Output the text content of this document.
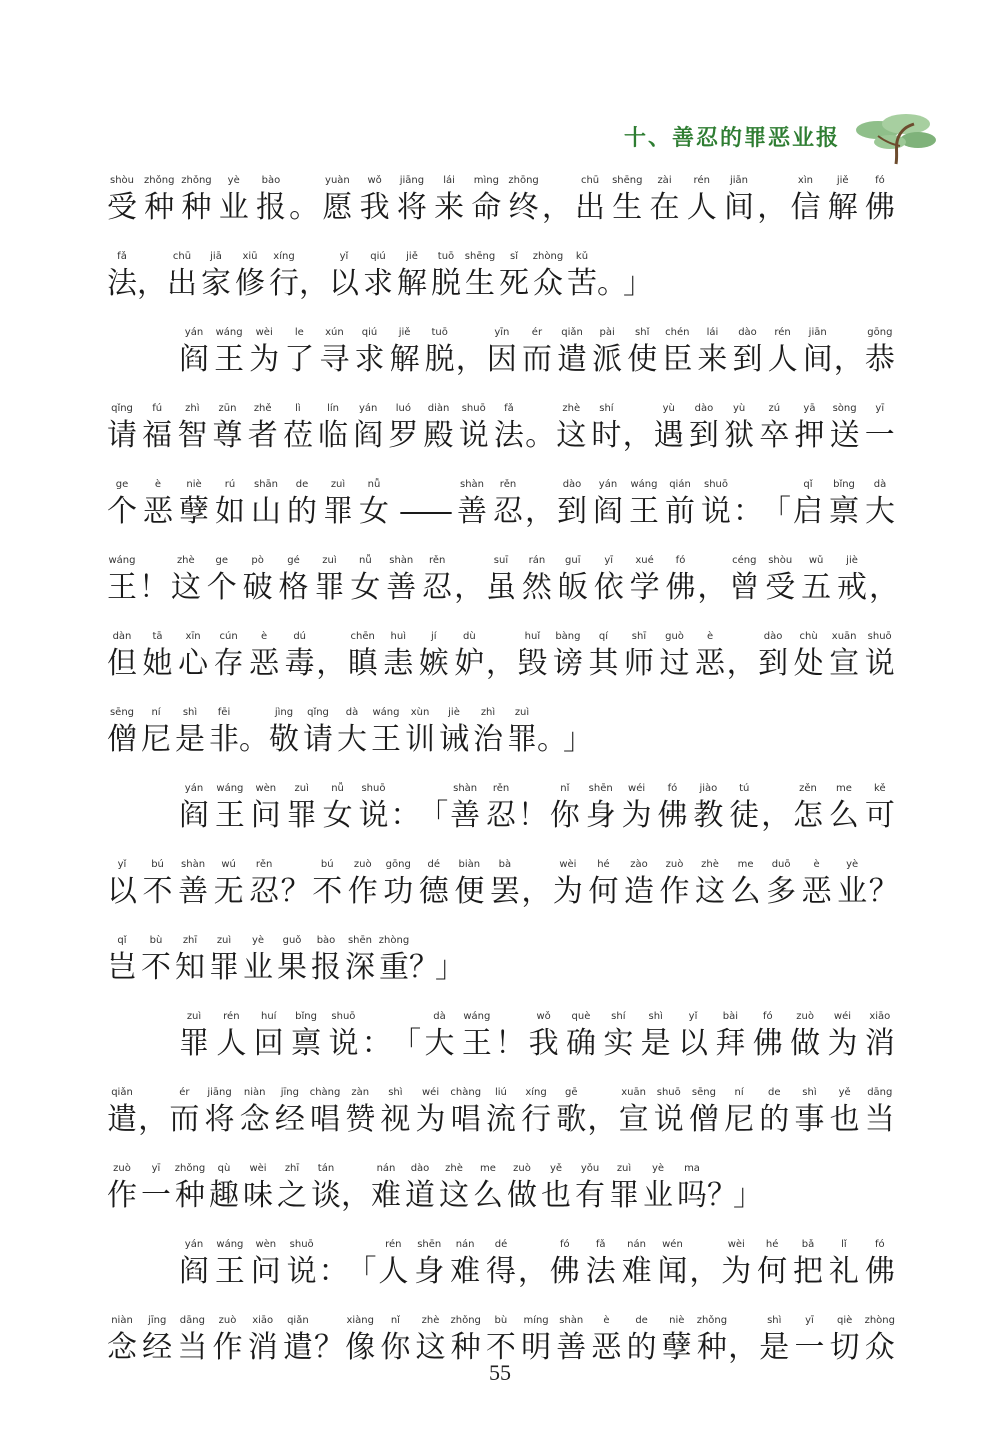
十、善忍的罪恶业报
shòu
受
zhǒng
种
zhǒng
种
yè
业
bào
报 。
yuàn
愿
wǒ
我
jiāng
将
lái
来
mìng
命
zhōng
终 ，
chū
出
shēng
生
zài
在
rén
人
jiān
间 ，
xìn
信
jiě
解
fó
佛
fǎ
法 ，
chū
出
jiā
家
xiū
修
xíng
行 ，
yǐ
以
qiú
求
jiě
解
tuō
脱
shēng
生
sǐ
死
zhòng
众
kǔ
苦 。
」
yán
阎
wáng
王
wèi
为
le
了
xún
寻
qiú
求
jiě
解
tuō
脱 ，
yīn
因
ér
而
qiǎn
遣
pài
派
shǐ
使
chén
臣
lái
来
dào
到
rén
人
jiān
间 ，
gōng
恭
qǐng
请
fú
福
zhì
智
zūn
尊
zhě
者
lì
莅
lín
临
yán
阎
luó
罗
diàn
殿
shuō
说
fǎ
法 。
zhè
这
shí
时 ，
yù
遇
dào
到
yù
狱
zú
卒
yā
押
sòng
送
yī
一
ge
个
è
恶
niè
孽
rú
如
shān
山
de
的
zuì
罪
nǚ
女 ——
shàn
善
rěn
忍 ，
dào
到
yán
阎
wáng
王
qián
前
shuō
说 ：
「
qǐ
启
bǐng
禀
dà
大
wáng
王 ！
zhè
这
ge
个
pò
破
gé
格
zuì
罪
nǚ
女
shàn
善
rěn
忍 ，
suī
虽
rán
然
guī
皈
yī
依
xué
学
fó
佛 ，
céng
曾
shòu
受
wǔ
五
jiè
戒 ，
dàn
但
tā
她
xīn
心
cún
存
è
恶
dú
毒 ，
chēn
瞋
huì
恚
jí
嫉
dù
妒 ，
huǐ
毁
bàng
谤
qí
其
shī
师
guò
过
è
恶 ，
dào
到
chù
处
xuān
宣
shuō
说
sēng
僧
ní
尼
shì
是
fēi
非 。
jìng
敬
qǐng
请
dà
大
wáng
王
xùn
训
jiè
诫
zhì
治
zuì
罪 。
」
yán
阎
wáng
王
wèn
问
zuì
罪
nǚ
女
shuō
说 ：
「
shàn
善
rěn
忍 ！
nǐ
你
shēn
身
wéi
为
fó
佛
jiào
教
tú
徒 ，
zěn
怎
me
么
kě
可
yǐ
以
bú
不
shàn
善
wú
无
rěn
忍 ？
bú
不
zuò
作
gōng
功
dé
德
biàn
便
bà
罢 ，
wèi
为
hé
何
zào
造
zuò
作
zhè
这
me
么
duō
多
è
恶
yè
业 ？
qǐ
岂
bù
不
zhī
知
zuì
罪
yè
业
guǒ
果
bào
报
shēn
深
zhòng
重 ？
」
zuì
罪
rén
人
huí
回
bǐng
禀
shuō
说 ： 「
dà
大
wáng
王 ！
wǒ
我
què
确
shí
实
shì
是
yǐ
以
bài
拜
fó
佛
zuò
做
wéi
为
xiāo
消
qiǎn
遣 ，
ér
而
jiāng
将
niàn
念
jīng
经
chàng
唱
zàn
赞
shì
视
wéi
为
chàng
唱
liú
流
xíng
行
gē
歌 ，
xuān
宣
shuō
说
sēng
僧
ní
尼
de
的
shì
事
yě
也
dāng
当
zuò
作
yī
一
zhǒng
种
qù
趣
wèi
味
zhī
之
tán
谈 ，
nán
难
dào
道
zhè
这
me
么
zuò
做
yě
也
yǒu
有
zuì
罪
yè
业
ma
吗 ？
」
yán
阎
wáng
王
wèn
问
shuō
说 ：
「
rén
人
shēn
身
nán
难
dé
得 ，
fó
佛
fǎ
法
nán
难
wén
闻 ，
wèi
为
hé
何
bǎ
把
lǐ
礼
fó
佛
niàn
念
jīng
经
dāng
当
zuò
作
xiāo
消
qiǎn
遣 ？
xiàng
像
nǐ
你
zhè
这
zhǒng
种
bù
不
míng
明
shàn
善
è
恶
de
的
niè
孽
zhǒng
种 ，
shì
是
yī
一
qiè
切
zhòng
众
55
